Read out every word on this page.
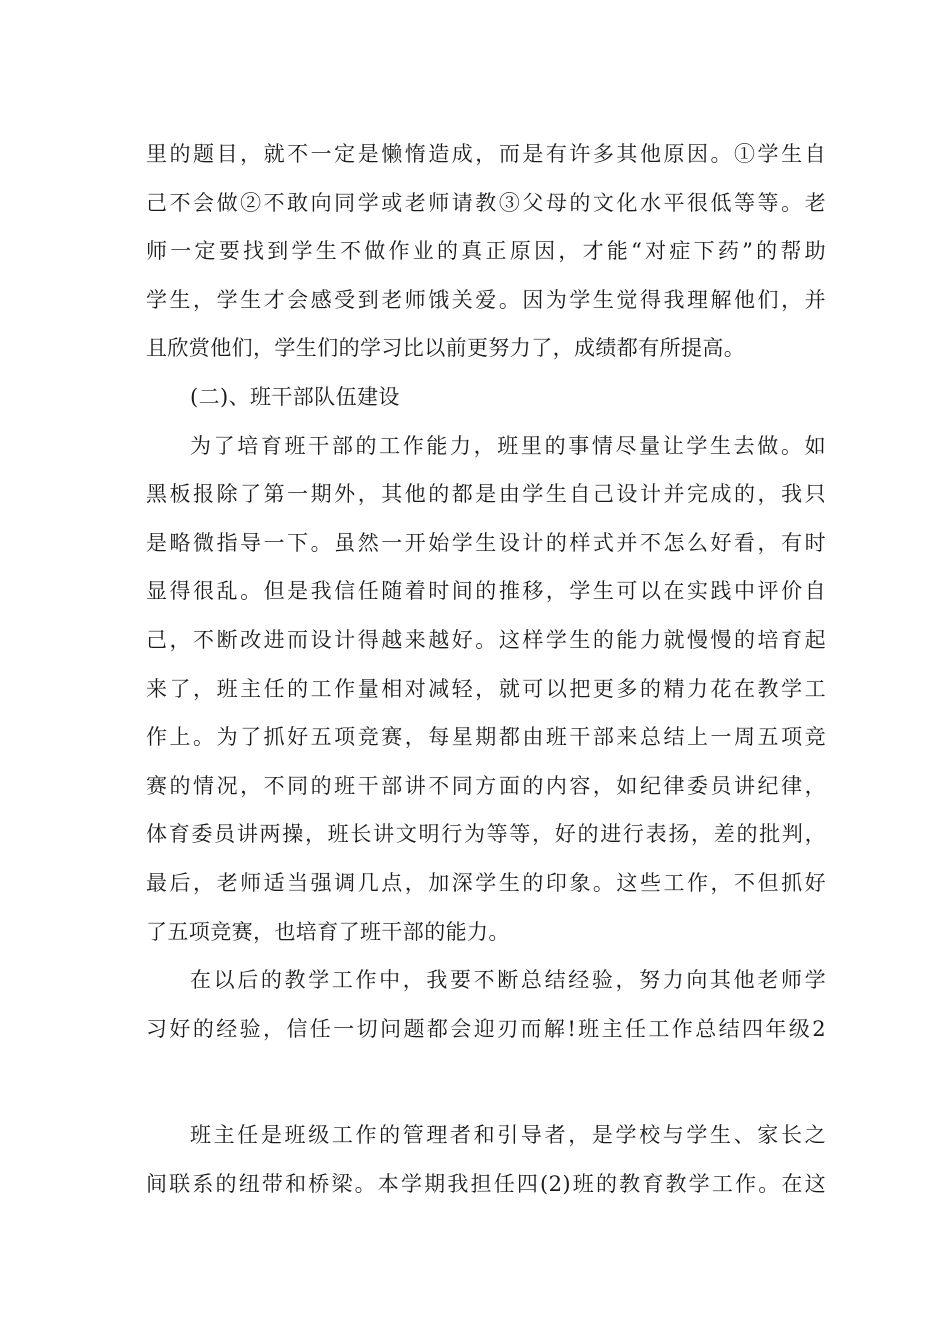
里的题目，就不一定是懒惰造成，而是有许多其他原因。①学生自
己不会做②不敢向同学或老师请教③父母的文化水平很低等等。老
师一定要找到学生不做作业的真正原因，才能“对症下药”的帮助
学生，学生才会感受到老师饿关爱。因为学生觉得我理解他们，并
且欣赏他们，学生们的学习比以前更努力了，成绩都有所提高。
(二)、班干部队伍建设
为了培育班干部的工作能力，班里的事情尽量让学生去做。如
黑板报除了第一期外，其他的都是由学生自己设计并完成的，我只
是略微指导一下。虽然一开始学生设计的样式并不怎么好看，有时
显得很乱。但是我信任随着时间的推移，学生可以在实践中评价自
己，不断改进而设计得越来越好。这样学生的能力就慢慢的培育起
来了，班主任的工作量相对减轻，就可以把更多的精力花在教学工
作上。为了抓好五项竞赛，每星期都由班干部来总结上一周五项竞
赛的情况，不同的班干部讲不同方面的内容，如纪律委员讲纪律，
体育委员讲两操，班长讲文明行为等等，好的进行表扬，差的批判，
最后，老师适当强调几点，加深学生的印象。这些工作，不但抓好
了五项竞赛，也培育了班干部的能力。
在以后的教学工作中，我要不断总结经验，努力向其他老师学
习好的经验，信任一切问题都会迎刃而解!班主任工作总结四年级2
班主任是班级工作的管理者和引导者，是学校与学生、家长之
间联系的纽带和桥梁。本学期我担任四(2)班的教育教学工作。在这
